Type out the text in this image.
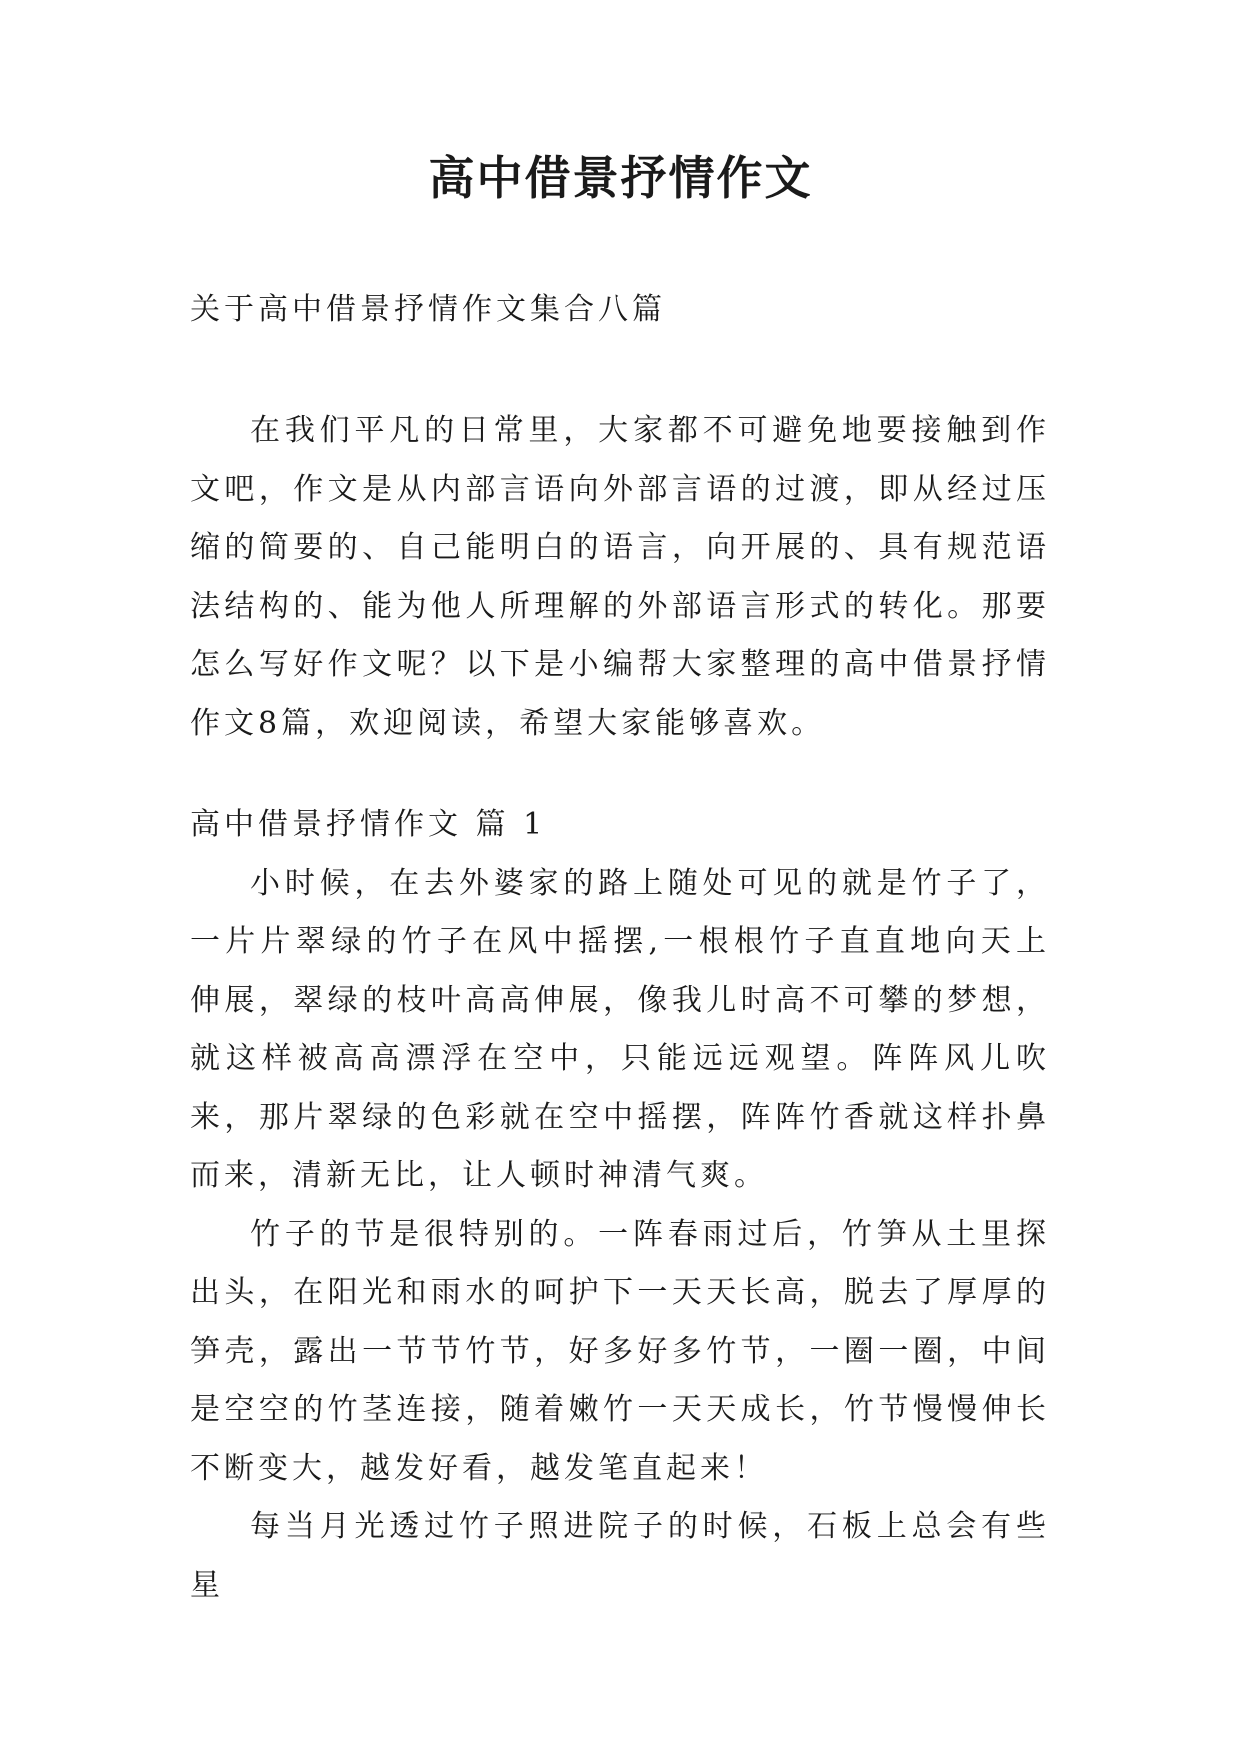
高中借景抒情作文

关于高中借景抒情作文集合八篇

在我们平凡的日常里，大家都不可避免地要接触到作文吧，作文是从内部言语向外部言语的过渡，即从经过压缩的简要的、自己能明白的语言，向开展的、具有规范语法结构的、能为他人所理解的外部语言形式的转化。那要怎么写好作文呢？以下是小编帮大家整理的高中借景抒情作文8篇，欢迎阅读，希望大家能够喜欢。

高中借景抒情作文 篇 1

小时候，在去外婆家的路上随处可见的就是竹子了，一片片翠绿的竹子在风中摇摆,一根根竹子直直地向天上伸展，翠绿的枝叶高高伸展，像我儿时高不可攀的梦想，就这样被高高漂浮在空中，只能远远观望。阵阵风儿吹来，那片翠绿的色彩就在空中摇摆，阵阵竹香就这样扑鼻而来，清新无比，让人顿时神清气爽。

竹子的节是很特别的。一阵春雨过后，竹笋从土里探出头，在阳光和雨水的呵护下一天天长高，脱去了厚厚的笋壳，露出一节节竹节，好多好多竹节，一圈一圈，中间是空空的竹茎连接，随着嫩竹一天天成长，竹节慢慢伸长不断变大，越发好看，越发笔直起来！

每当月光透过竹子照进院子的时候，石板上总会有些星
